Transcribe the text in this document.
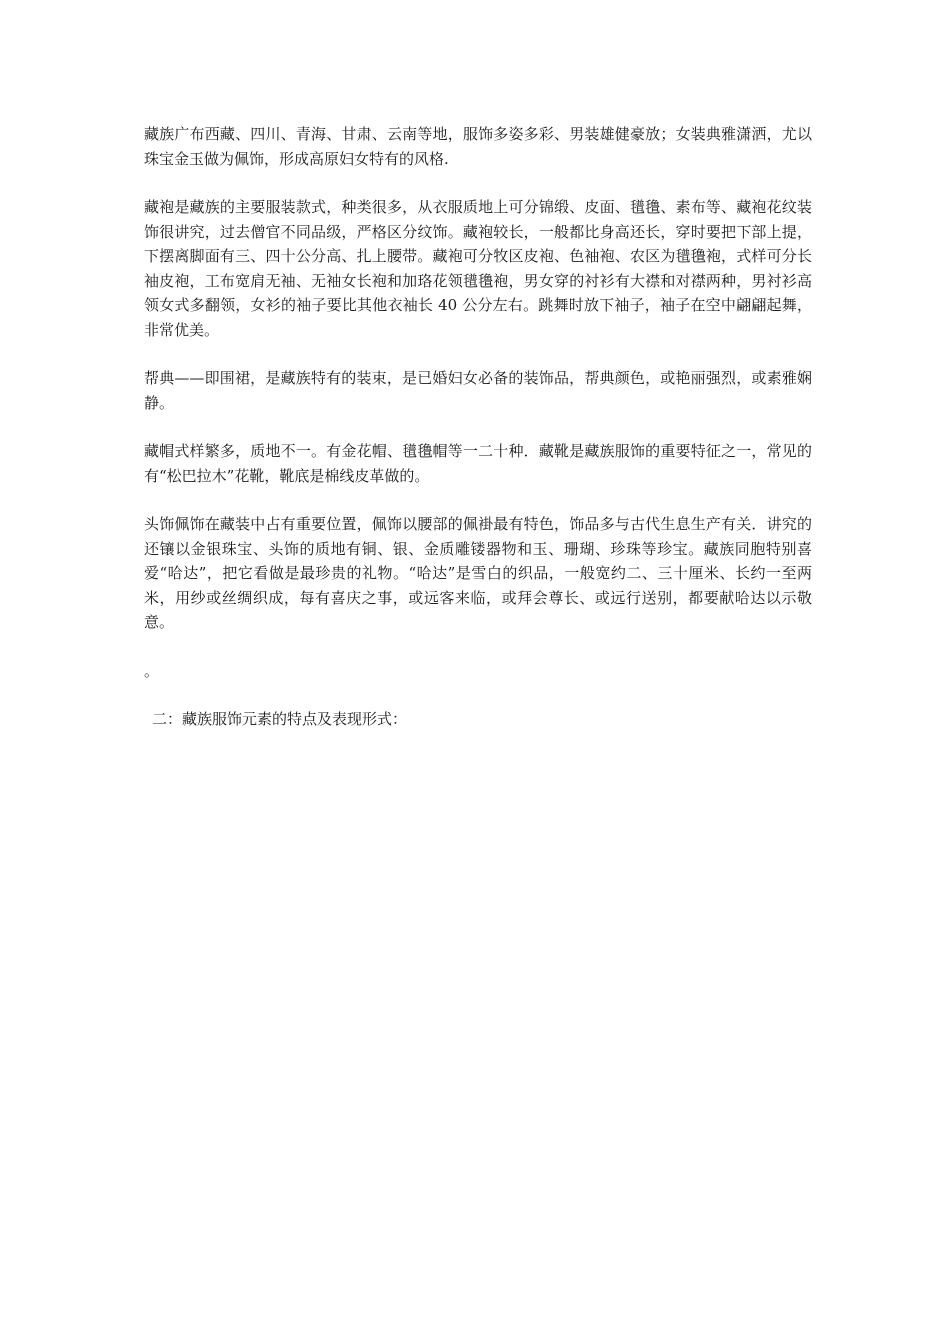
藏族广布西藏、四川、青海、甘肃、云南等地，服饰多姿多彩、男装雄健豪放；女装典雅潇洒，尤以珠宝金玉做为佩饰，形成高原妇女特有的风格.

藏袍是藏族的主要服装款式，种类很多，从衣服质地上可分锦缎、皮面、氆氇、素布等、藏袍花纹装饰很讲究，过去僧官不同品级，严格区分纹饰。藏袍较长，一般都比身高还长，穿时要把下部上提，下摆离脚面有三、四十公分高、扎上腰带。藏袍可分牧区皮袍、色袖袍、农区为氆氇袍，式样可分长袖皮袍，工布宽肩无袖、无袖女长袍和加珞花领氆氇袍，男女穿的衬衫有大襟和对襟两种，男衬衫高领女式多翻领，女衫的袖子要比其他衣袖长 40 公分左右。跳舞时放下袖子，袖子在空中翩翩起舞，非常优美。

帮典——即围裙，是藏族特有的装束，是已婚妇女必备的装饰品，帮典颜色，或艳丽强烈，或素雅娴静。

藏帽式样繁多，质地不一。有金花帽、氆氇帽等一二十种．藏靴是藏族服饰的重要特征之一，常见的有“松巴拉木”花靴，靴底是棉线皮革做的。

头饰佩饰在藏装中占有重要位置，佩饰以腰部的佩褂最有特色，饰品多与古代生息生产有关．讲究的还镶以金银珠宝、头饰的质地有铜、银、金质雕镂器物和玉、珊瑚、珍珠等珍宝。藏族同胞特别喜爱“哈达”，把它看做是最珍贵的礼物。“哈达”是雪白的织品，一般宽约二、三十厘米、长约一至两米，用纱或丝绸织成，每有喜庆之事，或远客来临，或拜会尊长、或远行送别，都要献哈达以示敬意。

。

二：藏族服饰元素的特点及表现形式：
